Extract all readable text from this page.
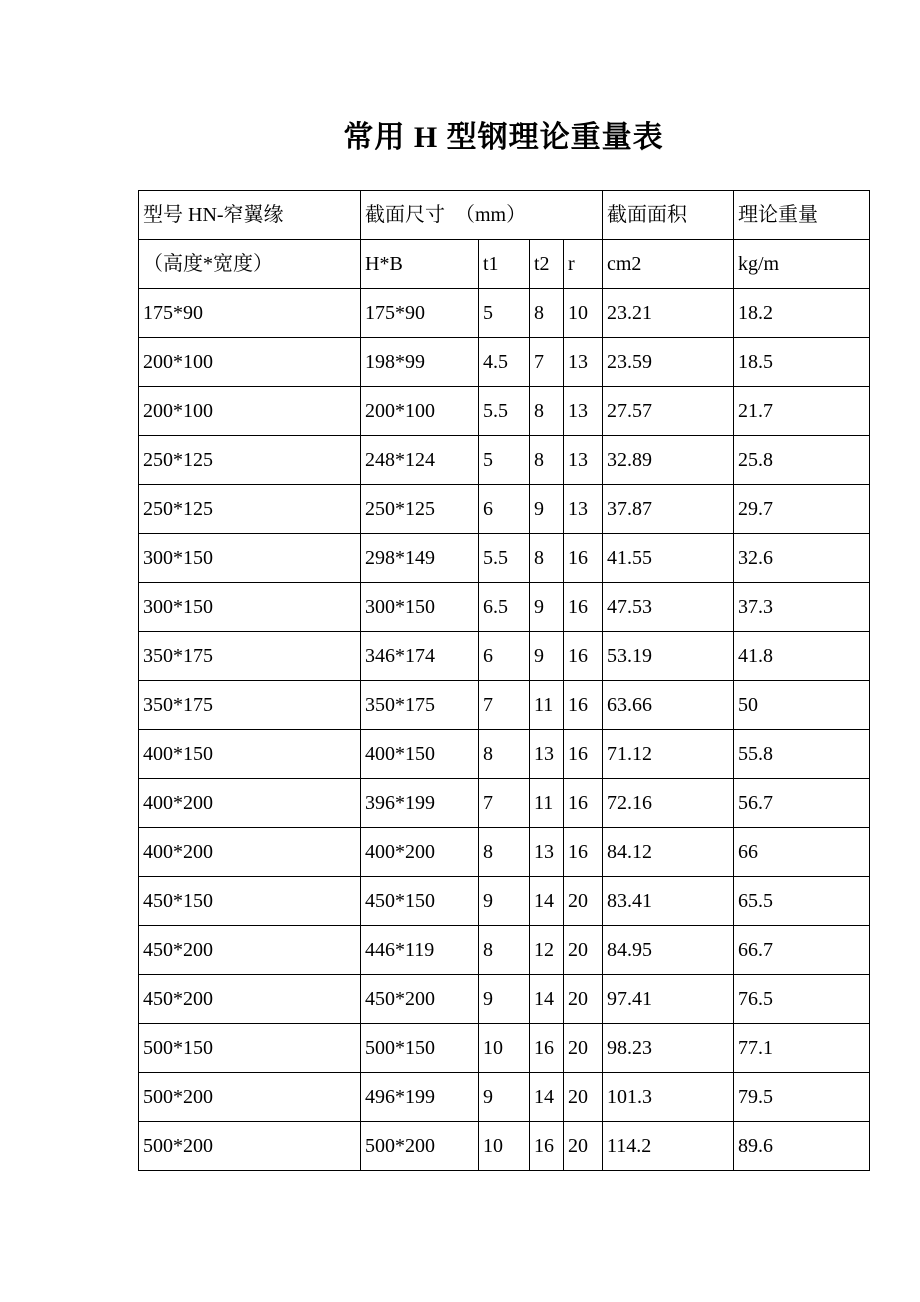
常用 H 型钢理论重量表
型号 HN-窄翼缘	截面尺寸　（mm）				截面面积	理论重量
（高度*宽度）	H*B	t1	t2	r	cm2	kg/m
175*90	175*90	5	8	10	23.21	18.2
200*100	198*99	4.5	7	13	23.59	18.5
200*100	200*100	5.5	8	13	27.57	21.7
250*125	248*124	5	8	13	32.89	25.8
250*125	250*125	6	9	13	37.87	29.7
300*150	298*149	5.5	8	16	41.55	32.6
300*150	300*150	6.5	9	16	47.53	37.3
350*175	346*174	6	9	16	53.19	41.8
350*175	350*175	7	11	16	63.66	50
400*150	400*150	8	13	16	71.12	55.8
400*200	396*199	7	11	16	72.16	56.7
400*200	400*200	8	13	16	84.12	66
450*150	450*150	9	14	20	83.41	65.5
450*200	446*119	8	12	20	84.95	66.7
450*200	450*200	9	14	20	97.41	76.5
500*150	500*150	10	16	20	98.23	77.1
500*200	496*199	9	14	20	101.3	79.5
500*200	500*200	10	16	20	114.2	89.6
